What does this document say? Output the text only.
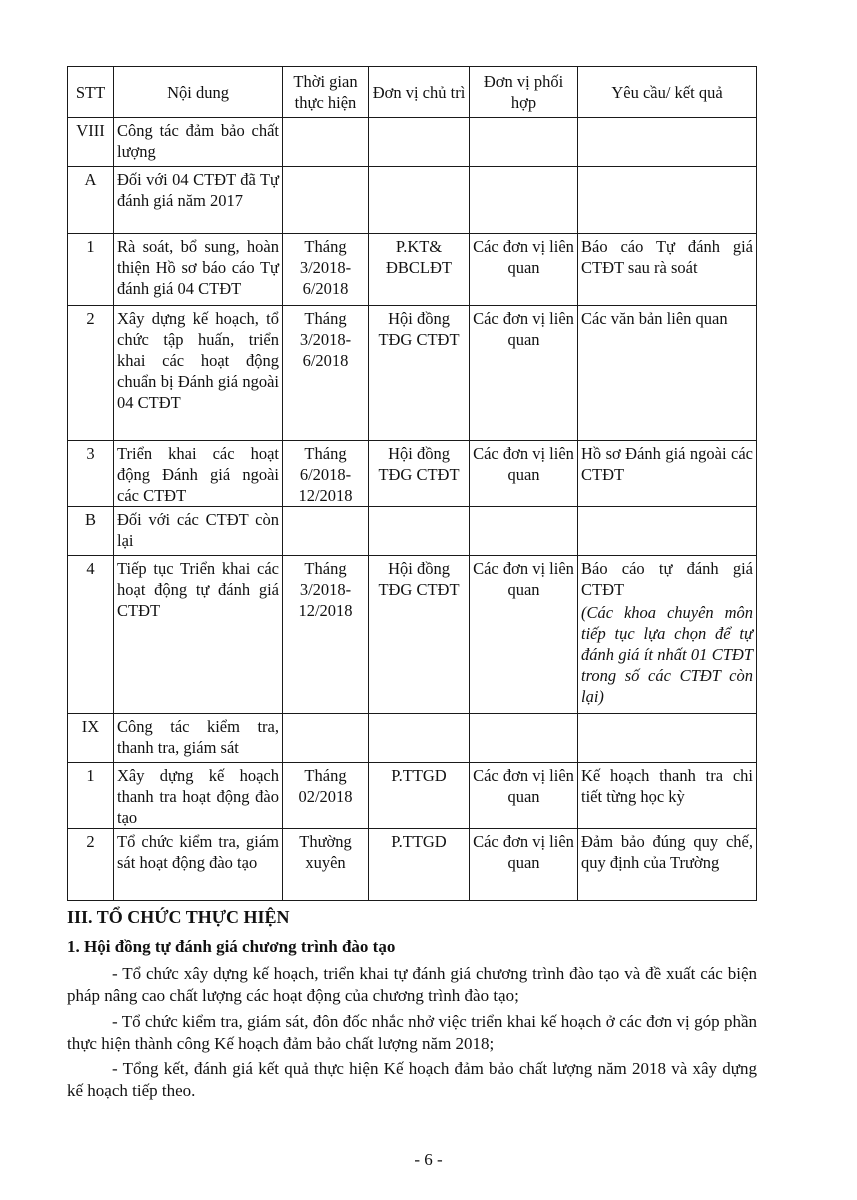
STT	Nội dung	Thời gian thực hiện	Đơn vị chủ trì	Đơn vị phối hợp	Yêu cầu/ kết quả
VIII	Công tác đảm bảo chất lượng				
A	Đối với 04 CTĐT đã Tự đánh giá năm 2017				
1	Rà soát, bổ sung, hoàn thiện Hồ sơ báo cáo Tự đánh giá 04 CTĐT	Tháng 3/2018-6/2018	P.KT& ĐBCLĐT	Các đơn vị liên quan	Báo cáo Tự đánh giá CTĐT sau rà soát
2	Xây dựng kế hoạch, tổ chức tập huấn, triển khai các hoạt động chuẩn bị Đánh giá ngoài 04 CTĐT	Tháng 3/2018-6/2018	Hội đồng TĐG CTĐT	Các đơn vị liên quan	Các văn bản liên quan
3	Triển khai các hoạt động Đánh giá ngoài các CTĐT	Tháng 6/2018-12/2018	Hội đồng TĐG CTĐT	Các đơn vị liên quan	Hồ sơ Đánh giá ngoài các CTĐT
B	Đối với các CTĐT còn lại				
4	Tiếp tục Triển khai các hoạt động tự đánh giá CTĐT	Tháng 3/2018-12/2018	Hội đồng TĐG CTĐT	Các đơn vị liên quan	Báo cáo tự đánh giá CTĐT
(Các khoa chuyên môn tiếp tục lựa chọn để tự đánh giá ít nhất 01 CTĐT trong số các CTĐT còn lại)

IX	Công tác kiểm tra, thanh tra, giám sát				
1	Xây dựng kế hoạch thanh tra hoạt động đào tạo	Tháng 02/2018	P.TTGD	Các đơn vị liên quan	Kế hoạch thanh tra chi tiết từng học kỳ
2	Tổ chức kiểm tra, giám sát hoạt động đào tạo	Thường xuyên	P.TTGD	Các đơn vị liên quan	Đảm bảo đúng quy chế, quy định của Trường
III. TỔ CHỨC THỰC HIỆN
1. Hội đồng tự đánh giá chương trình đào tạo
- Tổ chức xây dựng kế hoạch, triển khai tự đánh giá chương trình đào tạo và đề xuất các biện pháp nâng cao chất lượng các hoạt động của chương trình đào tạo;
- Tổ chức kiểm tra, giám sát, đôn đốc nhắc nhở việc triển khai kế hoạch ở các đơn vị góp phần thực hiện thành công Kế hoạch đảm bảo chất lượng năm 2018;
- Tổng kết, đánh giá kết quả thực hiện Kế hoạch đảm bảo chất lượng năm 2018 và xây dựng kế hoạch tiếp theo.
- 6 -
